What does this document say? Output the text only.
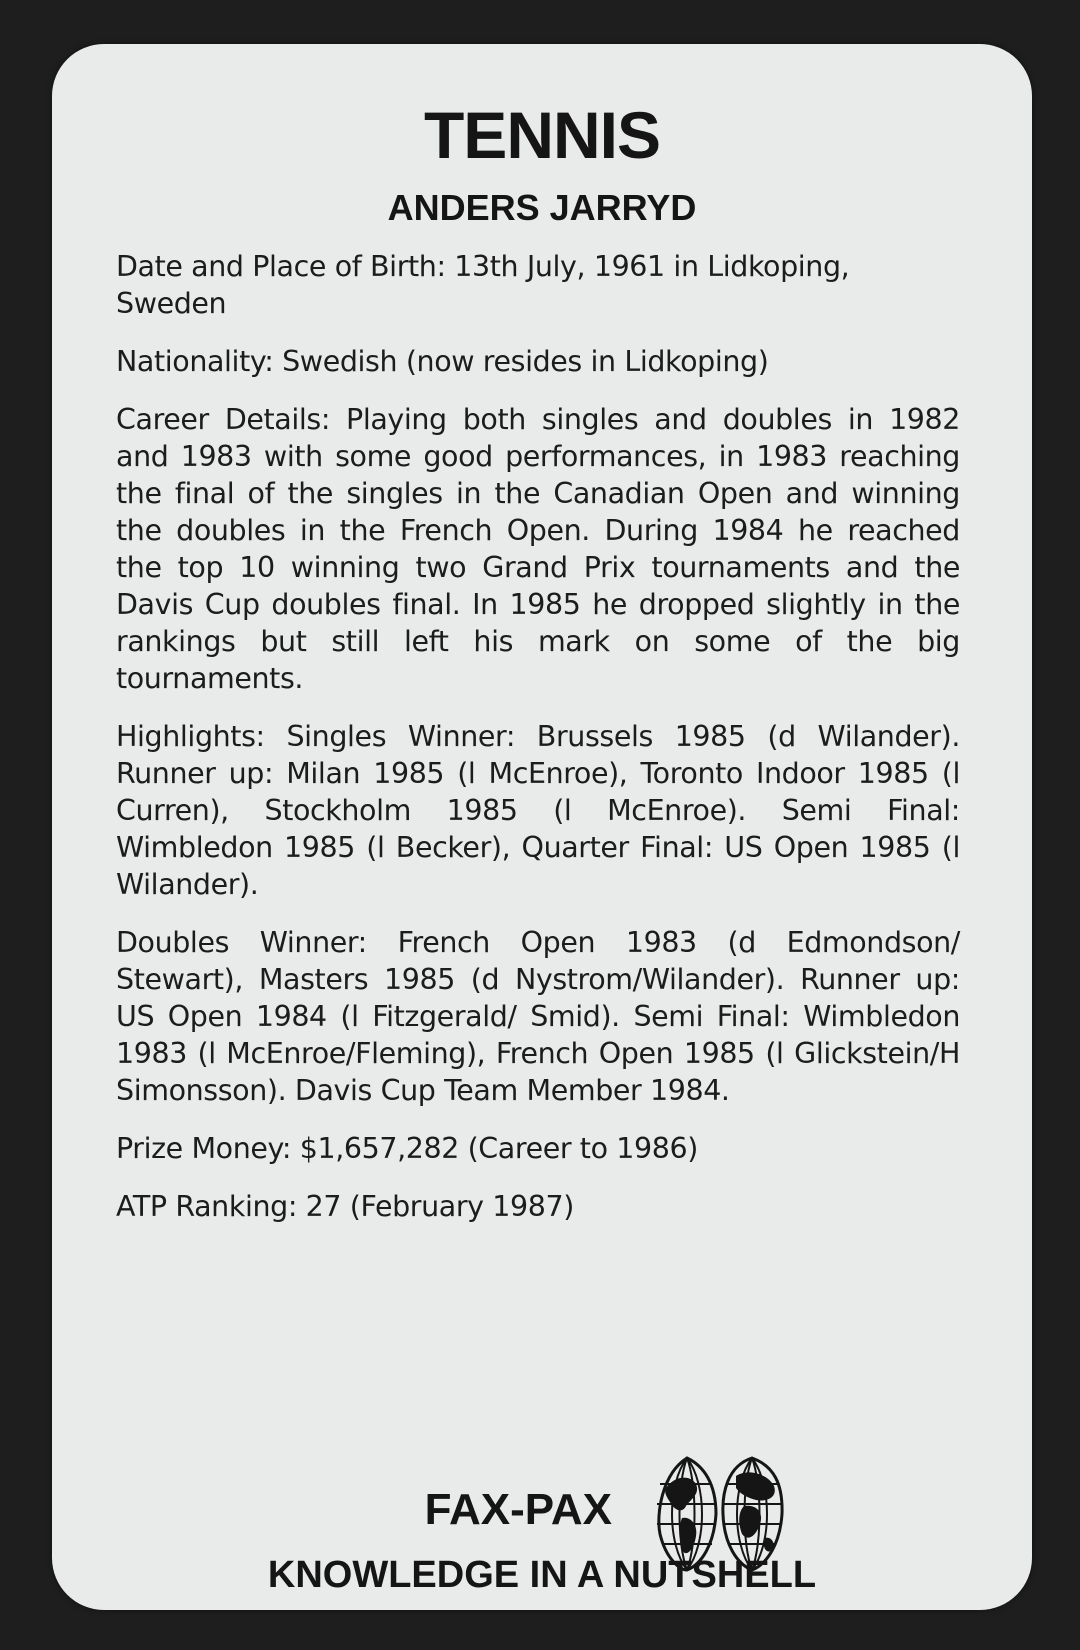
TENNIS
ANDERS JARRYD

Date and Place of Birth: 13th July, 1961 in Lidkoping, Sweden

Nationality: Swedish (now resides in Lidkoping)

Career Details: Playing both singles and doubles in 1982 and 1983 with some good performances, in 1983 reaching the final of the singles in the Canadian Open and winning the doubles in the French Open. During 1984 he reached the top 10 winning two Grand Prix tournaments and the Davis Cup doubles final. In 1985 he dropped slightly in the rankings but still left his mark on some of the big tournaments.

Highlights: Singles Winner: Brussels 1985 (d Wilander). Runner up: Milan 1985 (l McEnroe), Toronto Indoor 1985 (l Curren), Stockholm 1985 (l McEnroe). Semi Final: Wimbledon 1985 (l Becker), Quarter Final: US Open 1985 (l Wilander).

Doubles Winner: French Open 1983 (d Edmondson/ Stewart), Masters 1985 (d Nystrom/Wilander). Runner up: US Open 1984 (l Fitzgerald/ Smid). Semi Final: Wimbledon 1983 (l McEnroe/Fleming), French Open 1985 (l Glickstein/H Simonsson). Davis Cup Team Member 1984.

Prize Money: $1,657,282 (Career to 1986)

ATP Ranking: 27 (February 1987)

FAX-PAX
KNOWLEDGE IN A NUTSHELL
